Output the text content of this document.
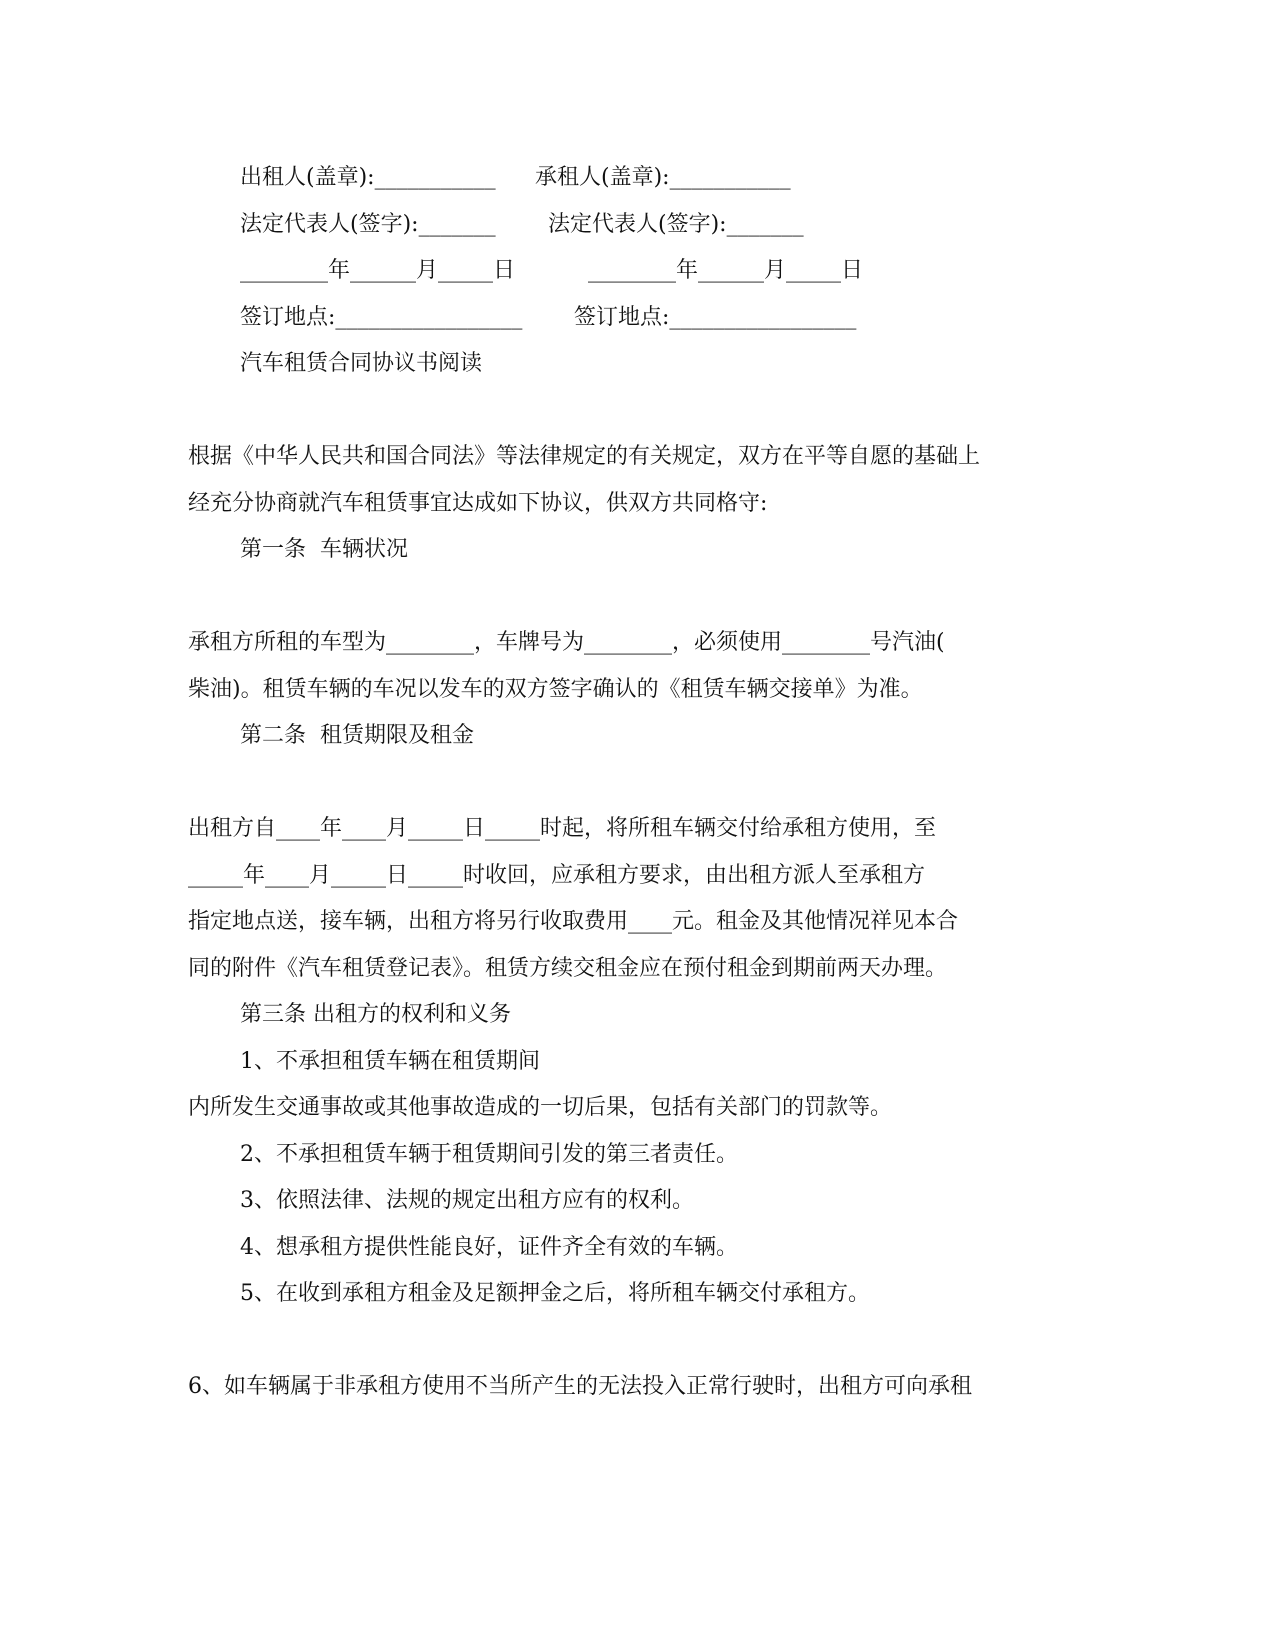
出租人(盖章):___________ 承租人(盖章):___________
法定代表人(签字):_______ 法定代表人(签字):_______
________年______月_____日	________年______月_____日
签订地点:_________________ 签订地点:_________________
汽车租赁合同协议书阅读
根据《中华人民共和国合同法》等法律规定的有关规定，双方在平等自愿的基础上
经充分协商就汽车租赁事宜达成如下协议，供双方共同格守:
第一条  车辆状况
承租方所租的车型为________，车牌号为________，必须使用________号汽油(
柴油)。租赁车辆的车况以发车的双方签字确认的《租赁车辆交接单》为准。
第二条  租赁期限及租金
出租方自____年____月_____日_____时起，将所租车辆交付给承租方使用，至
_____年____月_____日_____时收回，应承租方要求，由出租方派人至承租方
指定地点送，接车辆，出租方将另行收取费用____元。租金及其他情况祥见本合
同的附件《汽车租赁登记表》。租赁方续交租金应在预付租金到期前两天办理。
第三条 出租方的权利和义务
1、不承担租赁车辆在租赁期间
内所发生交通事故或其他事故造成的一切后果，包括有关部门的罚款等。
2、不承担租赁车辆于租赁期间引发的第三者责任。
3、依照法律、法规的规定出租方应有的权利。
4、想承租方提供性能良好，证件齐全有效的车辆。
5、在收到承租方租金及足额押金之后，将所租车辆交付承租方。
6、如车辆属于非承租方使用不当所产生的无法投入正常行驶时，出租方可向承租
